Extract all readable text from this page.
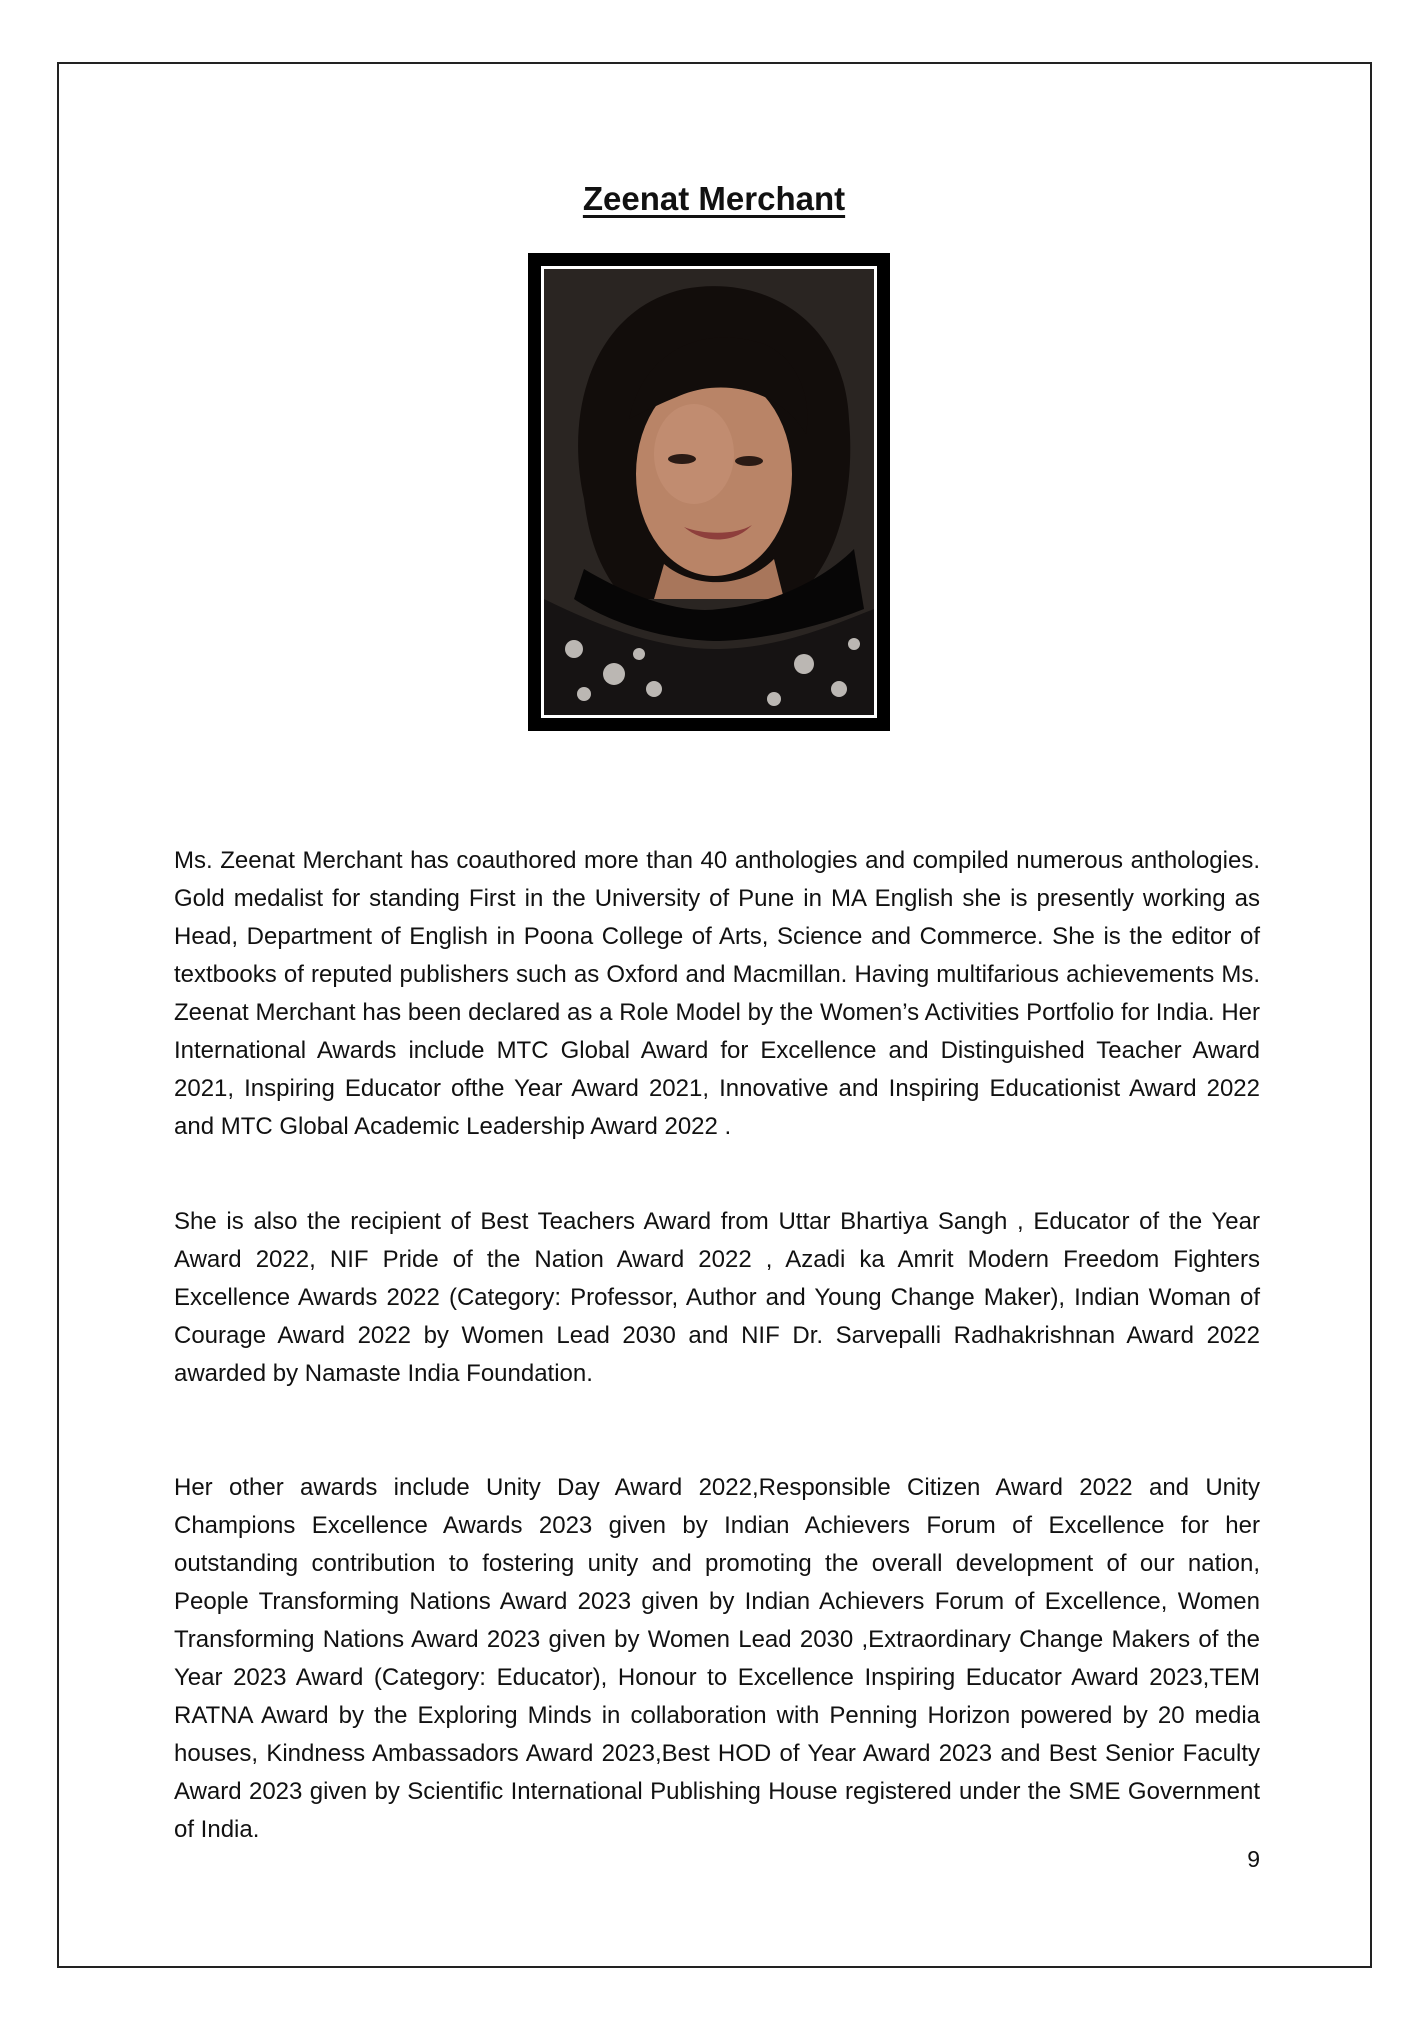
Zeenat Merchant
Ms. Zeenat Merchant has coauthored more than 40 anthologies and compiled numerous anthologies. Gold medalist for standing First in the University of Pune in MA English she is presently working as Head, Department of English in Poona College of Arts, Science and Commerce. She is the editor of textbooks of reputed publishers such as Oxford and Macmillan. Having multifarious achievements Ms. Zeenat Merchant has been declared as a Role Model by the Women’s Activities Portfolio for India. Her International Awards include MTC Global Award for Excellence and Distinguished Teacher Award 2021, Inspiring Educator ofthe Year Award 2021, Innovative and Inspiring Educationist Award 2022 and MTC Global Academic Leadership Award 2022 .
She is also the recipient of Best Teachers Award from Uttar Bhartiya Sangh , Educator of the Year Award 2022, NIF Pride of the Nation Award 2022 , Azadi ka Amrit Modern Freedom Fighters Excellence Awards 2022 (Category: Professor, Author and Young Change Maker), Indian Woman of Courage Award 2022 by Women Lead 2030 and NIF Dr. Sarvepalli Radhakrishnan Award 2022 awarded by Namaste India Foundation.
Her other awards include Unity Day Award 2022,Responsible Citizen Award 2022 and Unity Champions Excellence Awards 2023 given by Indian Achievers Forum of Excellence for her outstanding contribution to fostering unity and promoting the overall development of our nation, People Transforming Nations Award 2023 given by Indian Achievers Forum of Excellence, Women Transforming Nations Award 2023 given by Women Lead 2030 ,Extraordinary Change Makers of the Year 2023 Award (Category: Educator), Honour to Excellence Inspiring Educator Award 2023,TEM RATNA Award by the Exploring Minds in collaboration with Penning Horizon powered by 20 media houses, Kindness Ambassadors Award 2023,Best HOD of Year Award 2023 and Best Senior Faculty Award 2023 given by Scientific International Publishing House registered under the SME Government of India.
9
